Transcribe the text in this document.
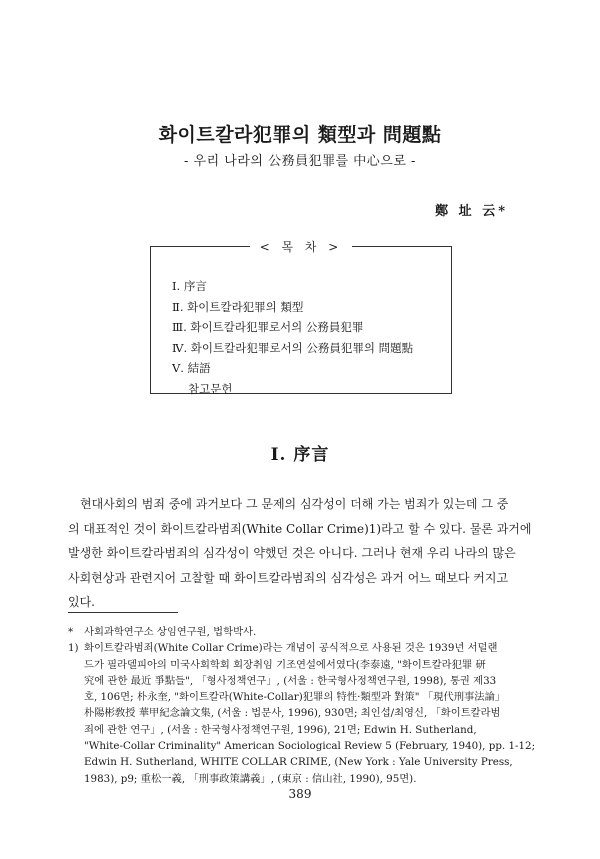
화이트칼라犯罪의 類型과 問題點
- 우리 나라의 公務員犯罪를 中心으로 -
鄭 址 云*
< 목 차 >
Ⅰ. 序言
Ⅱ. 화이트칼라犯罪의 類型
Ⅲ. 화이트칼라犯罪로서의 公務員犯罪
Ⅳ. 화이트칼라犯罪로서의 公務員犯罪의 問題點
Ⅴ. 結語
참고문헌
Ⅰ. 序言
현대사회의 범죄 중에 과거보다 그 문제의 심각성이 더해 가는 범죄가 있는데 그 중
의 대표적인 것이 화이트칼라범죄(White Collar Crime)1)라고 할 수 있다. 물론 과거에
발생한 화이트칼라범죄의 심각성이 약했던 것은 아니다. 그러나 현재 우리 나라의 많은
사회현상과 관련지어 고찰할 때 화이트칼라범죄의 심각성은 과거 어느 때보다 커지고
있다.
* 사회과학연구소 상임연구원, 법학박사.
1) 화이트칼라범죄(White Collar Crime)라는 개념이 공식적으로 사용된 것은 1939년 서덜랜
드가 필라델피아의 미국사회학회 회장취임 기조연설에서였다(李泰遠, "화이트칼라犯罪 研
究에 관한 最近 爭點들", 「형사정책연구」, (서울 : 한국형사정책연구원, 1998), 통권 제33
호, 106면; 朴永奎, "화이트칼라(White-Collar)犯罪의 特性·類型과 對策" 「現代刑事法論」
朴陽彬敎授 華甲紀念論文集, (서울 : 법문사, 1996), 930면; 최인섭/최영신, 「화이트칼라범
죄에 관한 연구」, (서울 : 한국형사정책연구원, 1996), 21면; Edwin H. Sutherland,
"White-Collar Criminality" American Sociological Review 5 (February, 1940), pp. 1-12;
Edwin H. Sutherland, WHITE COLLAR CRIME, (New York : Yale University Press,
1983), p9; 重松一義, 「刑事政策講義」, (東京 : 信山社, 1990), 95면).
389
